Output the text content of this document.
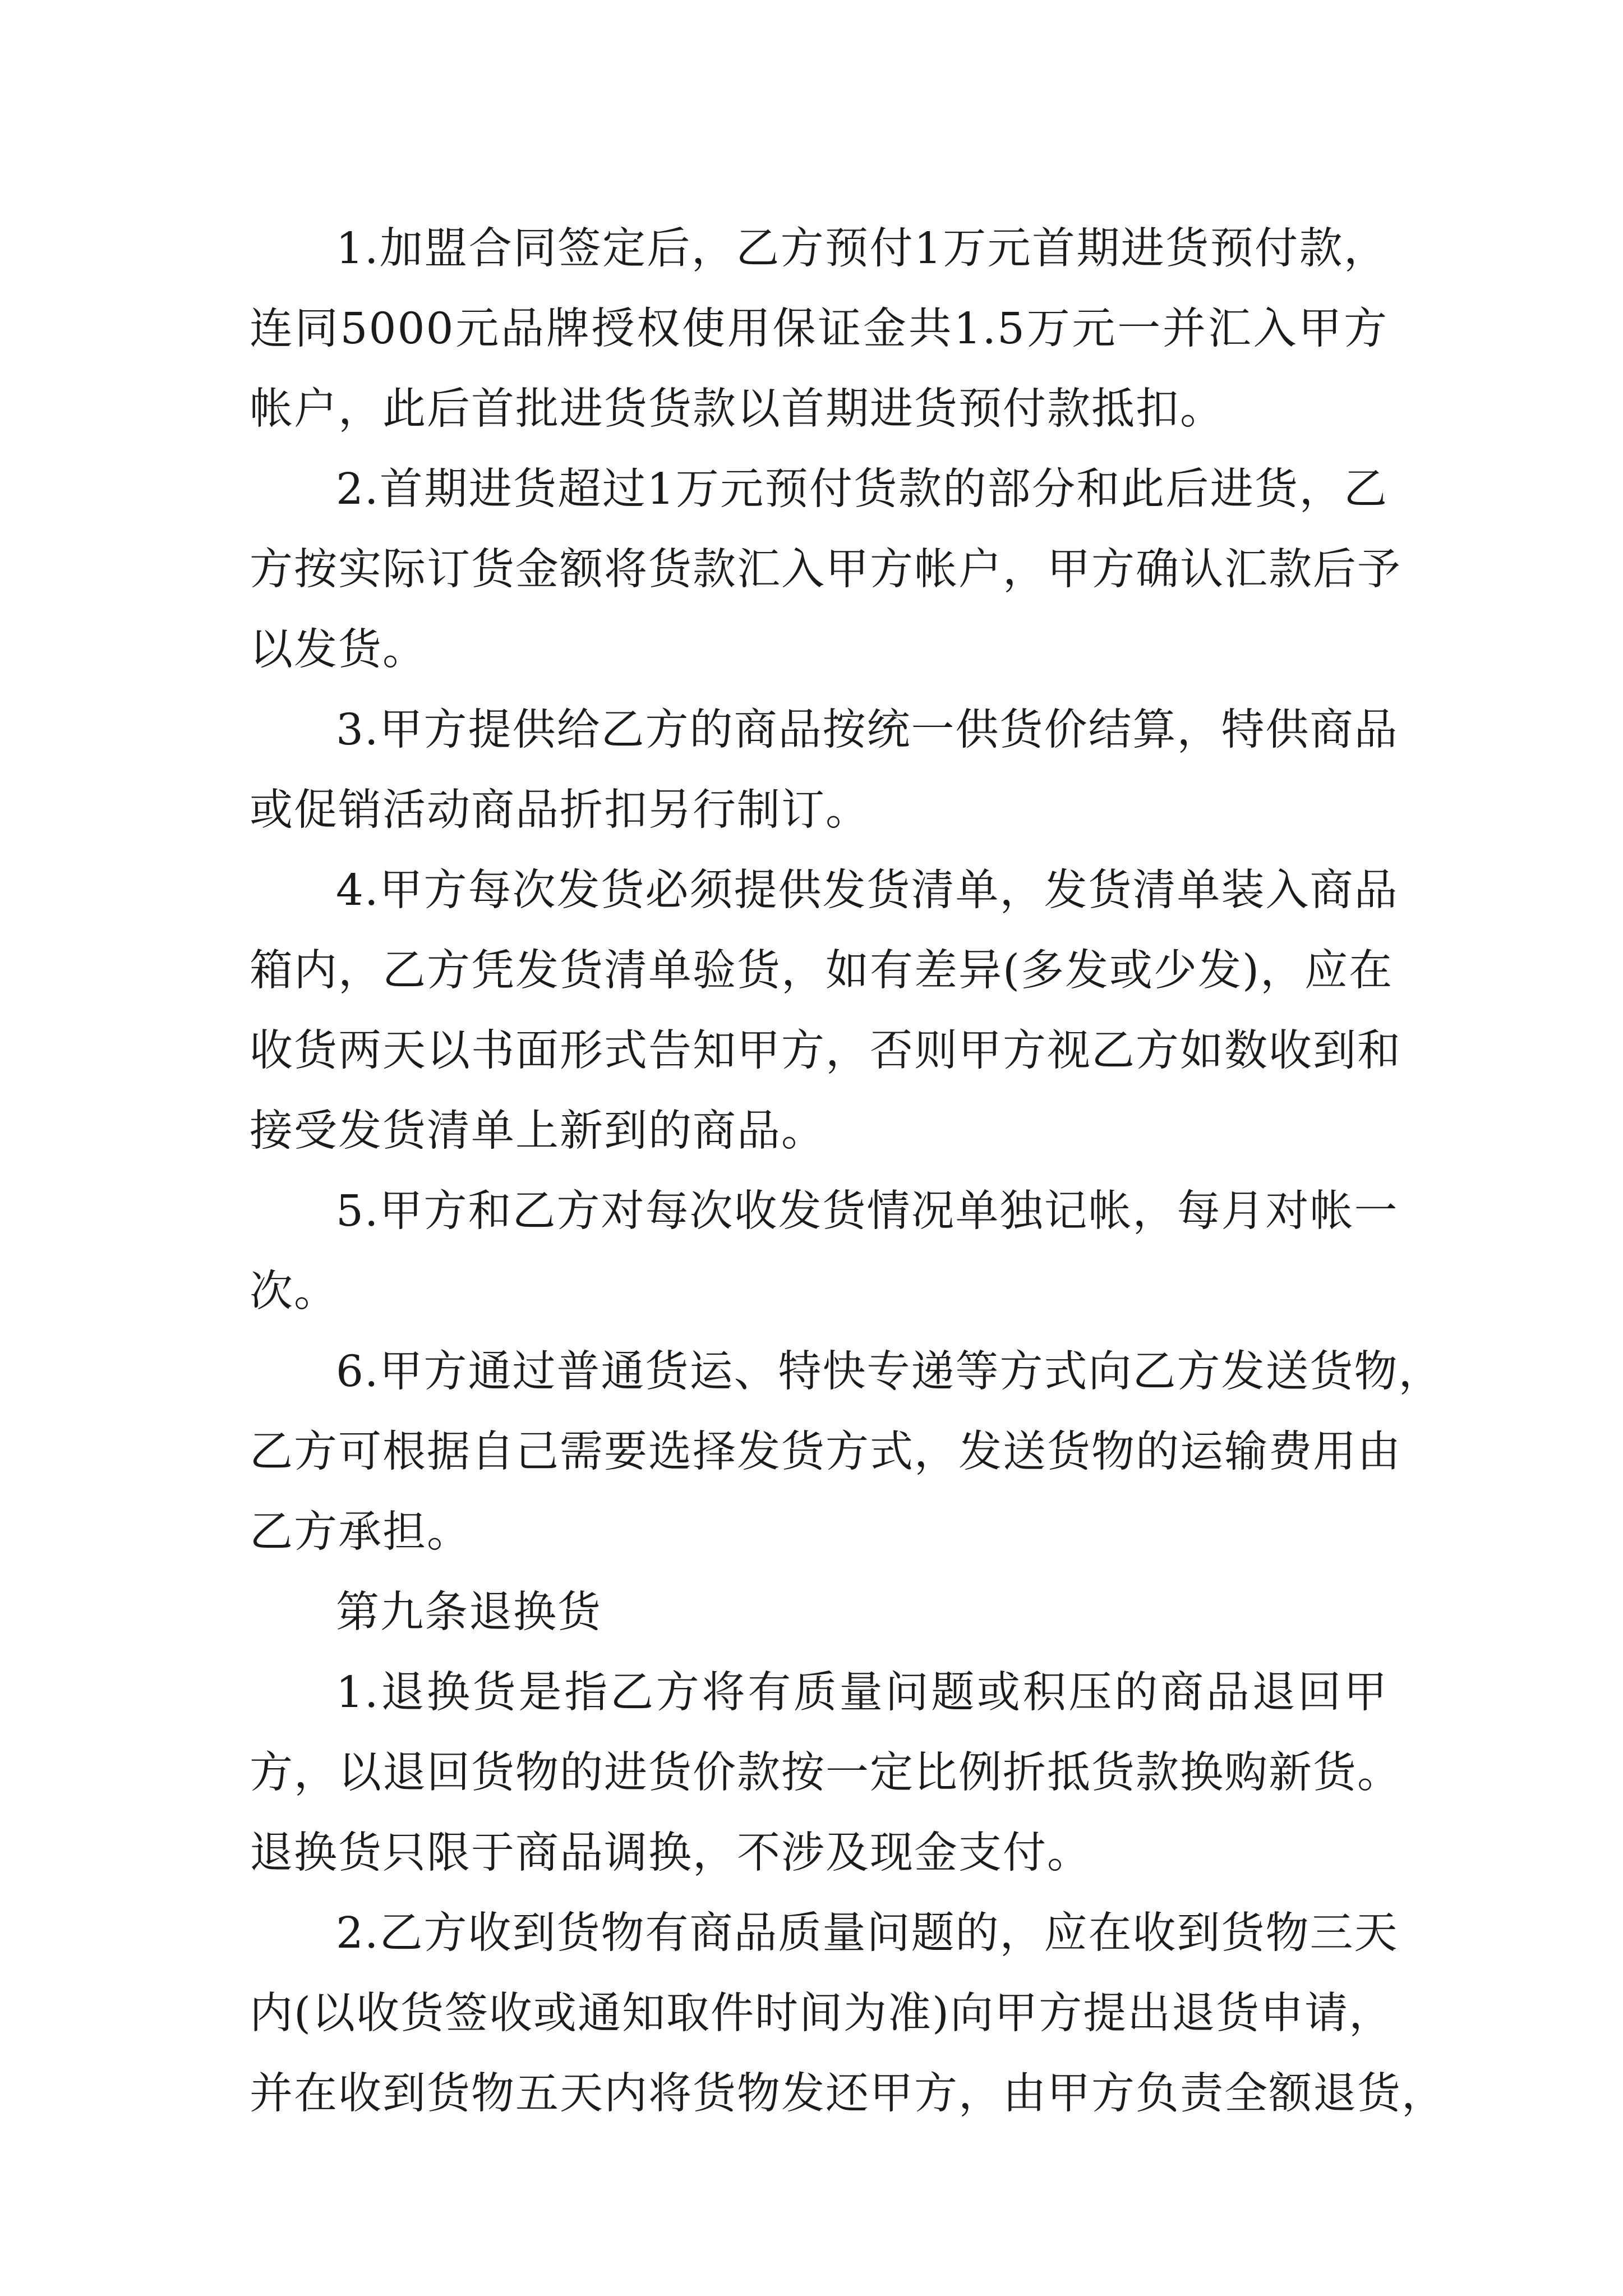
1.加盟合同签定后，乙方预付1万元首期进货预付款，
连同5000元品牌授权使用保证金共1.5万元一并汇入甲方
帐户，此后首批进货货款以首期进货预付款抵扣。
2.首期进货超过1万元预付货款的部分和此后进货，乙
方按实际订货金额将货款汇入甲方帐户，甲方确认汇款后予
以发货。
3.甲方提供给乙方的商品按统一供货价结算，特供商品
或促销活动商品折扣另行制订。
4.甲方每次发货必须提供发货清单，发货清单装入商品
箱内，乙方凭发货清单验货，如有差异(多发或少发)，应在
收货两天以书面形式告知甲方，否则甲方视乙方如数收到和
接受发货清单上新到的商品。
5.甲方和乙方对每次收发货情况单独记帐，每月对帐一
次。
6.甲方通过普通货运、特快专递等方式向乙方发送货物，
乙方可根据自己需要选择发货方式，发送货物的运输费用由
乙方承担。
第九条退换货
1.退换货是指乙方将有质量问题或积压的商品退回甲
方，以退回货物的进货价款按一定比例折抵货款换购新货。
退换货只限于商品调换，不涉及现金支付。
2.乙方收到货物有商品质量问题的，应在收到货物三天
内(以收货签收或通知取件时间为准)向甲方提出退货申请，
并在收到货物五天内将货物发还甲方，由甲方负责全额退货，
